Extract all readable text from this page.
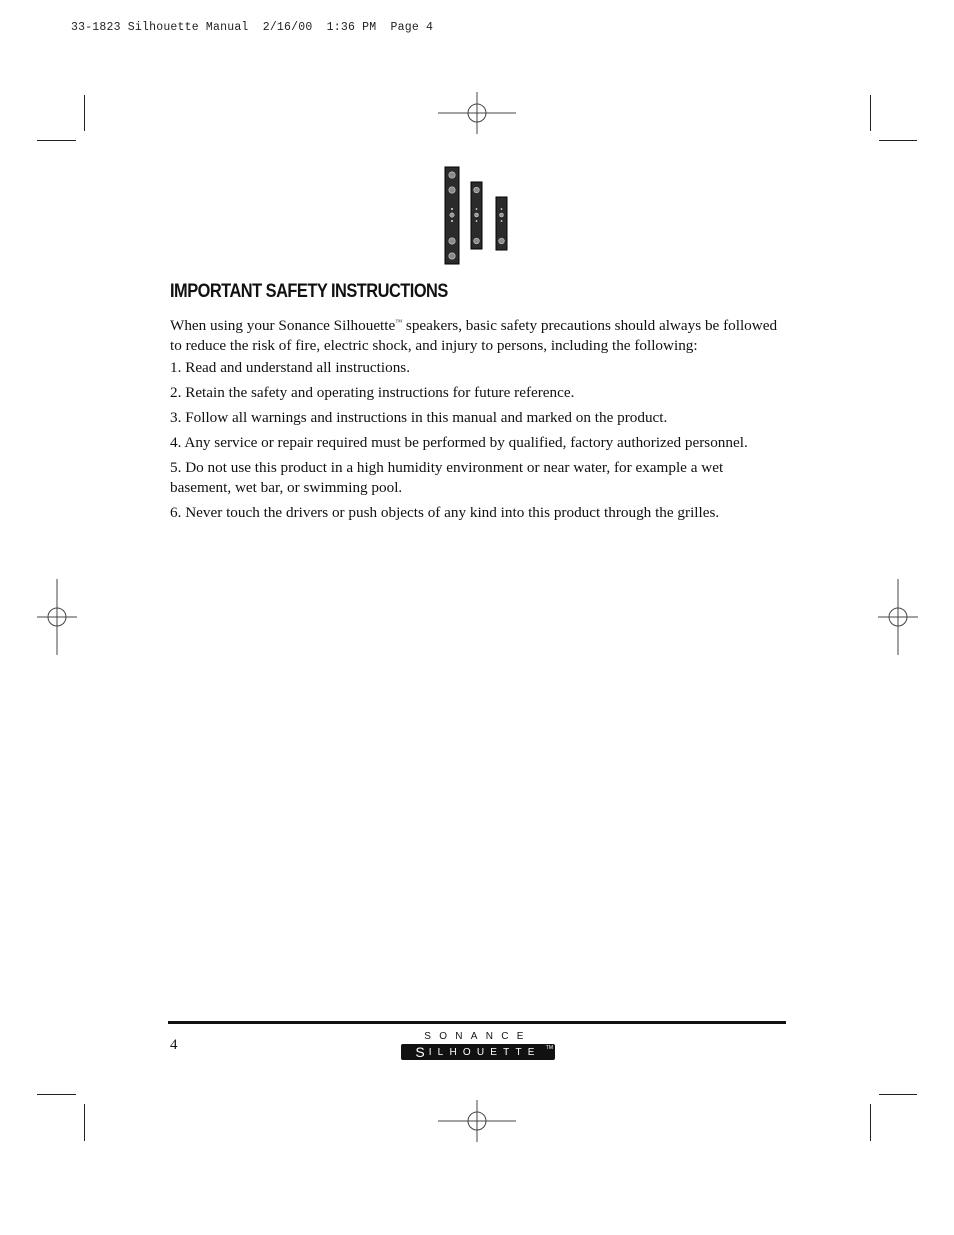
33-1823 Silhouette Manual  2/16/00  1:36 PM  Page 4
IMPORTANT SAFETY INSTRUCTIONS

When using your Sonance Silhouette™ speakers, basic safety precautions should always be followed to reduce the risk of fire, electric shock, and injury to persons, including the following:

1. Read and understand all instructions.
2. Retain the safety and operating instructions for future reference.
3. Follow all warnings and instructions in this manual and marked on the product.
4. Any service or repair required must be performed by qualified, factory authorized personnel.
5. Do not use this product in a high humidity environment or near water, for example a wet basement, wet bar, or swimming pool.
6. Never touch the drivers or push objects of any kind into this product through the grilles.
4
SONANCE
S ILHOUETTE TM
